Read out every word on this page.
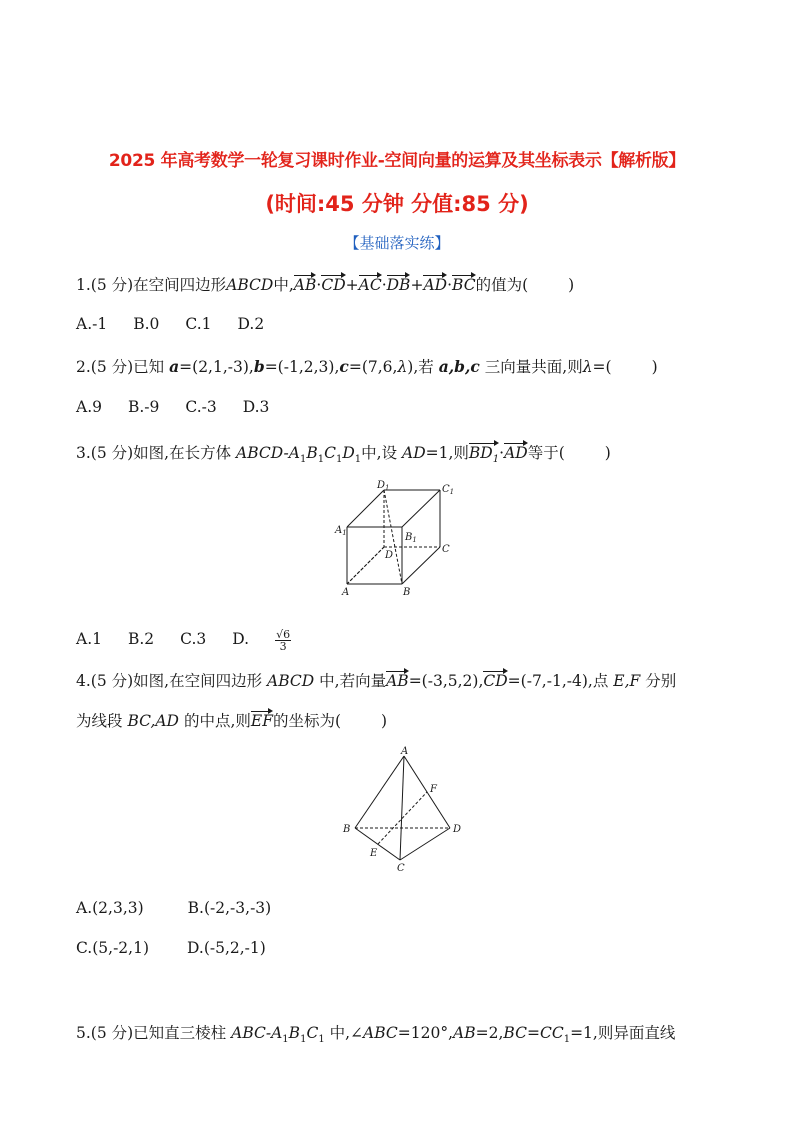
2025 年高考数学一轮复习课时作业-空间向量的运算及其坐标表示【解析版】
(时间:45 分钟 分值:85 分)
【基础落实练】
1.(5 分)在空间四边形ABCD中,AB·CD+AC·DB+AD·BC的值为(	)
A.-1 B.0 C.1 D.2
2.(5 分)已知 a=(2,1,-3),b=(-1,2,3),c=(7,6,λ),若 a,b,c 三向量共面,则λ=(	)
A.9 B.-9 C.-3 D.3
3.(5 分)如图,在长方体 ABCD-$A_1B_1C_1D_1$中,设 AD=1,则$BD_1\cdot AD$等于(	)
$D_1$	$C_1$
$A_1$	$B_1$
D
C
A	B
A.1 B.2 C.3 D. $\frac{√6}{3}$
4.(5 分)如图,在空间四边形 ABCD 中,若向量AB=(-3,5,2),CD=(-7,-1,-4),点 E,F 分别
为线段 BC,AD 的中点,则EF的坐标为(	)
A
B
C
D
E
F
A.(2,3,3)	B.(-2,-3,-3)
C.(5,-2,1) D.(-5,2,-1)
5.(5 分)已知直三棱柱 ABC-$A_1B_1C_1$ 中$,\angle ABC=120^\circ,AB=2,BC=CC_1=1$,则异面直线
